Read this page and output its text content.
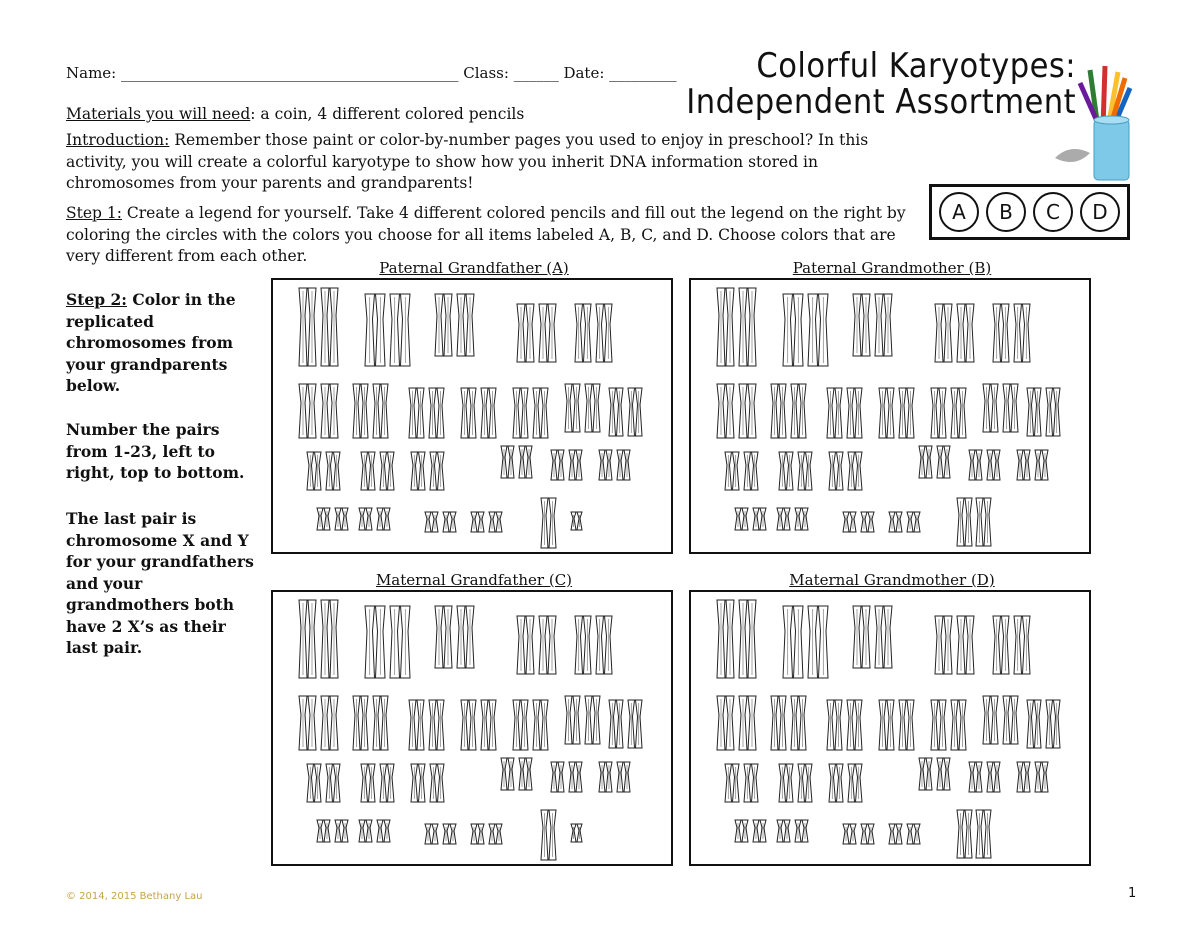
Name: _____________________________________________ Class: ______ Date: _________	Colorful Karyotypes:
Independent Assortment
Materials you will need: a coin, 4 different colored pencils
Introduction: Remember those paint or color-by-number pages you used to enjoy in preschool? In this activity, you will create a colorful karyotype to show how you inherit DNA information stored in chromosomes from your parents and grandparents!
Step 1: Create a legend for yourself. Take 4 different colored pencils and fill out the legend on the right by coloring the circles with the colors you choose for all items labeled A, B, C, and D. Choose colors that are very different from each other.
A	B	C	D
Step 2: Color in the replicated chromosomes from your grandparents below.
Number the pairs from 1-23, left to right, top to bottom.
The last pair is chromosome X and Y for your grandfathers and your grandmothers both have 2 X’s as their last pair.
Paternal Grandfather (A)	Paternal Grandmother (B)
Maternal Grandfather (C)	Maternal Grandmother (D)
© 2014, 2015 Bethany Lau	1
